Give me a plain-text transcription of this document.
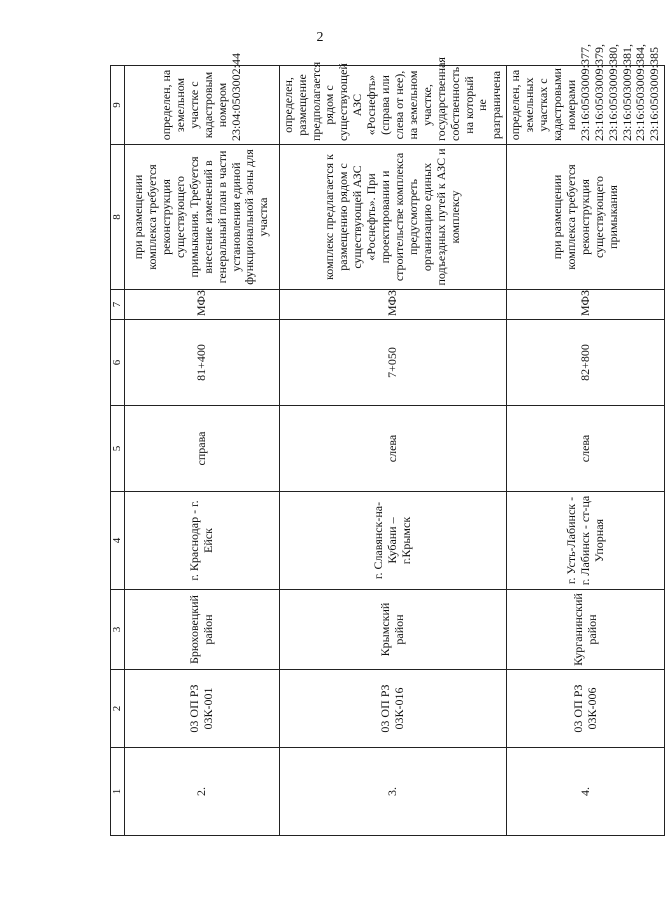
2
1	2	3	4	5	6	7	8	9
2.	03 ОП РЗ 03К-001	Брюховецкий район	г. Краснодар - г. Ейск	справа	81+400	МФЗ	при размещении комплекса требуется реконструкция существующего примыкания. Требуется внесение изменений в генеральный план в части установления единой функциональной зоны для участка	определен, на земельном участке с кадастровым номером 23:04:0503002:44
3.	03 ОП РЗ 03К-016	Крымский район	г. Славянск-на-Кубани – г.Крымск	слева	7+050	МФЗ	комплекс предлагается к размещению рядом с существующей АЗС «Роснефть». При проектировании и строительстве комплекса предусмотреть организацию единых подъездных путей к АЗС и комплексу	определен, размещение предполагается рядом с существующей АЗС «Роснефть» (справа или слева от нее), на земельном участке, государственная собственность на который не разграничена
4.	03 ОП РЗ 03К-006	Курганинский район	г. Усть-Лабинск - г. Лабинск - ст-ца Упорная	слева	82+800	МФЗ	при размещении комплекса требуется реконструкция существующего примыкания	определен, на земельных участках с кадастровыми номерами 23:16:0503009:377, 23:16:0503009:379, 23:16:0503009:380, 23:16:0503009:381, 23:16:0503009:384, 23:16:0503009:385
